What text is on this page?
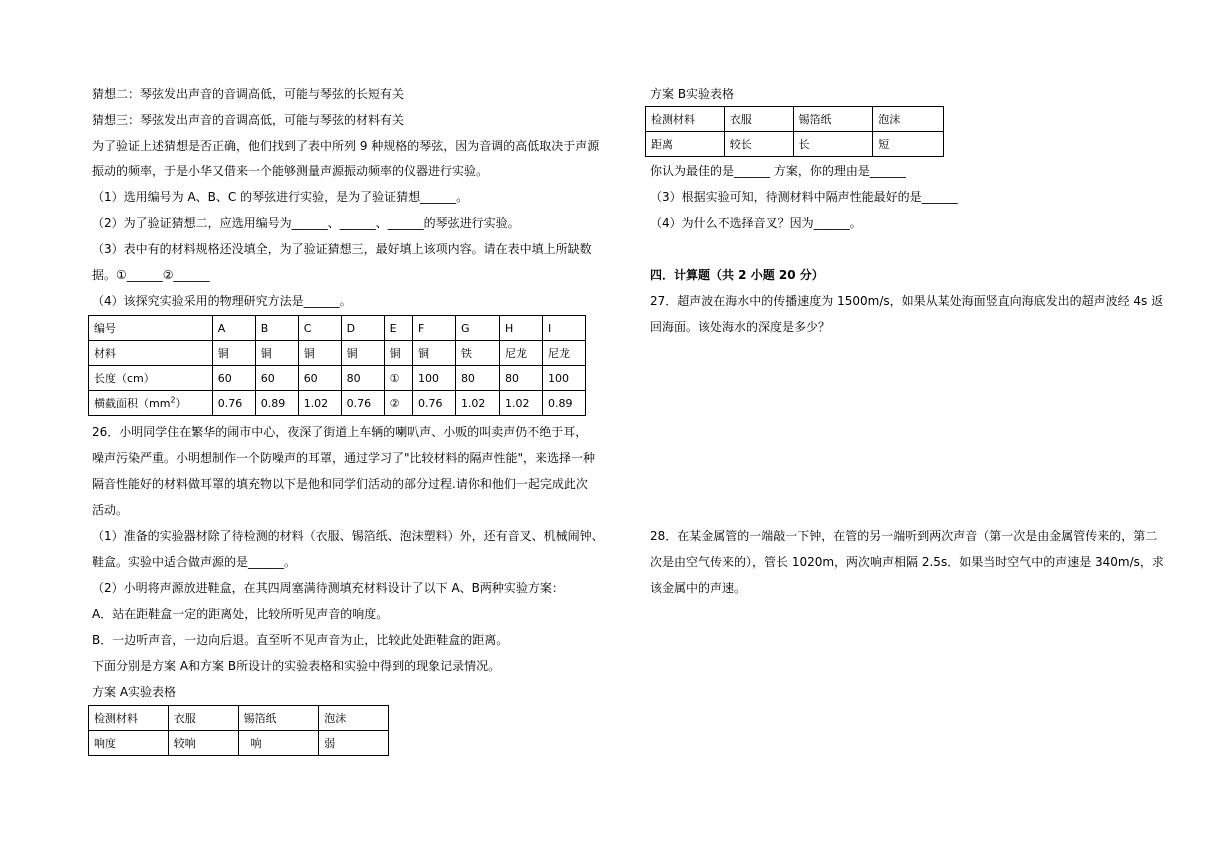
猜想二：琴弦发出声音的音调高低，可能与琴弦的长短有关
猜想三：琴弦发出声音的音调高低，可能与琴弦的材料有关
为了验证上述猜想是否正确，他们找到了表中所列 9 种规格的琴弦，因为音调的高低取决于声源
振动的频率，于是小华又借来一个能够测量声源振动频率的仪器进行实验。
（1）选用编号为 A、B、C 的琴弦进行实验，是为了验证猜想______。
（2）为了验证猜想二，应选用编号为______、______、______的琴弦进行实验。
（3）表中有的材料规格还没填全，为了验证猜想三，最好填上该项内容。请在表中填上所缺数
据。①______②______
（4）该探究实验采用的物理研究方法是______。
编号	A	B	C	D	E	F	G	H	I
材料	铜	铜	铜	铜	铜	铜	铁	尼龙	尼龙
长度（cm）	60	60	60	80	①	100	80	80	100
横截面积$(mm^2)$	0.76	0.89	1.02	0.76	②	0.76	1.02	1.02	0.89
26．小明同学住在繁华的闹市中心，夜深了街道上车辆的喇叭声、小贩的叫卖声仍不绝于耳，
噪声污染严重。小明想制作一个防噪声的耳罩，通过学习了"比较材料的隔声性能"，来选择一种
隔音性能好的材料做耳罩的填充物以下是他和同学们活动的部分过程.请你和他们一起完成此次
活动。
（1）准备的实验器材除了待检测的材料（衣服、锡箔纸、泡沫塑料）外，还有音叉、机械闹钟、
鞋盒。实验中适合做声源的是______。
（2）小明将声源放进鞋盒，在其四周塞满待测填充材料设计了以下 A、B两种实验方案：
A．站在距鞋盒一定的距离处，比较所听见声音的响度。
B．一边听声音，一边向后退。直至听不见声音为止，比较此处距鞋盒的距离。
下面分别是方案 A和方案 B所设计的实验表格和实验中得到的现象记录情况。
方案 A实验表格
检测材料	衣服	锡箔纸	泡沫
响度	较响	响	弱
方案 B实验表格
检测材料	衣服	锡箔纸	泡沫
距离	较长	长	短
你认为最佳的是______ 方案，你的理由是______
（3）根据实验可知，待测材料中隔声性能最好的是______
（4）为什么不选择音叉？因为______。
四．计算题（共 2 小题 20 分）
27．超声波在海水中的传播速度为 1500m/s，如果从某处海面竖直向海底发出的超声波经 4s 返
回海面。该处海水的深度是多少？
28．在某金属管的一端敲一下钟，在管的另一端听到两次声音（第一次是由金属管传来的，第二
次是由空气传来的），管长 1020m，两次响声相隔 2.5s．如果当时空气中的声速是 340m/s，求
该金属中的声速。
